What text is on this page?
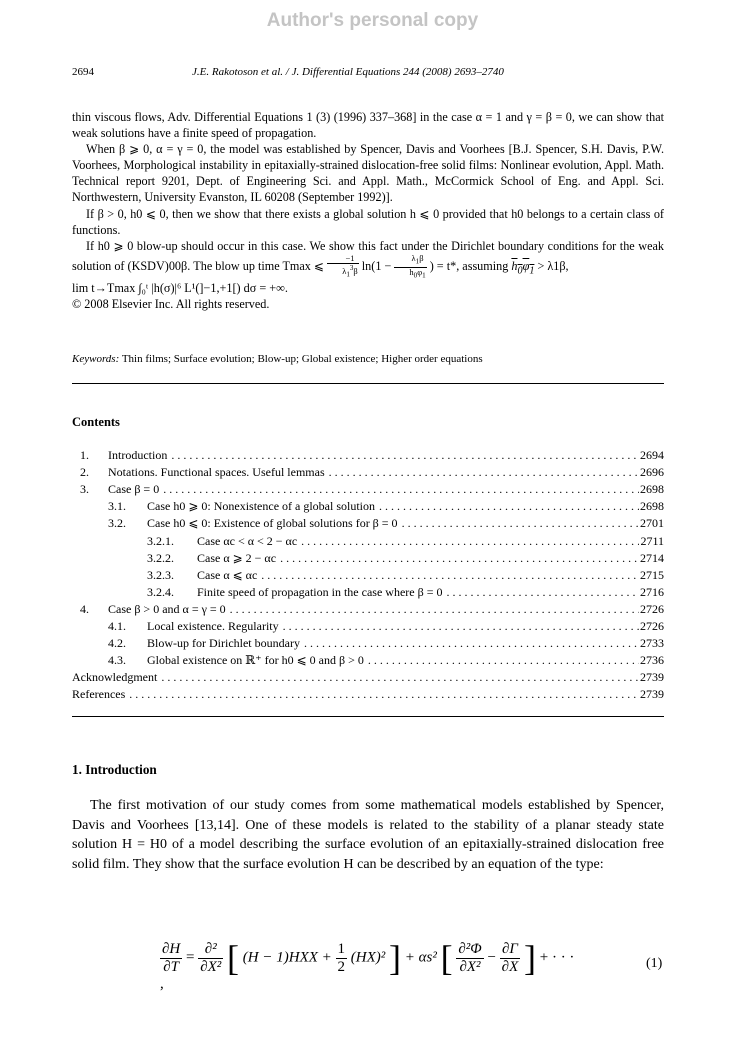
Author's personal copy
2694	J.E. Rakotoson et al. / J. Differential Equations 244 (2008) 2693–2740

thin viscous flows, Adv. Differential Equations 1 (3) (1996) 337–368] in the case α = 1 and γ = β = 0, we can show that weak solutions have a finite speed of propagation.

When β ⩾ 0, α = γ = 0, the model was established by Spencer, Davis and Voorhees [B.J. Spencer, S.H. Davis, P.W. Voorhees, Morphological instability in epitaxially-strained dislocation-free solid films: Nonlinear evolution, Appl. Math. Technical report 9201, Dept. of Engineering Sci. and Appl. Math., McCormick School of Eng. and Appl. Sci. Northwestern, University Evanston, IL 60208 (September 1992)].

If β > 0, h0 ⩽ 0, then we show that there exists a global solution h ⩽ 0 provided that h0 belongs to a certain class of functions.

If h0 ⩾ 0 blow-up should occur in this case. We show this fact under the Dirichlet boundary conditions for the weak solution of (KSDV)00β. The blow up time Tmax ⩽ $\frac{-1}{\lambda_1^3\beta} \ln(1 - \frac{\lambda_1\beta}{h_0\varphi_1}$ ) = t*, assuming $h_0\varphi_1 > \lambda 1\beta$,
lim t→Tmax ∫₀ᵗ |h(σ)|⁶ L¹(]−1,+1[) dσ = +∞.

© 2008 Elsevier Inc. All rights reserved.

Keywords: Thin films; Surface evolution; Blow-up; Global existence; Higher order equations
Contents
1. Introduction . . .	2694
2. Notations. Functional spaces. Useful lemmas . . .	2696
3. Case β = 0 . . .	2698
3.1. Case h0 ⩾ 0: Nonexistence of a global solution . . .	2698
3.2. Case h0 ⩽ 0: Existence of global solutions for β = 0 . . .	2701
3.2.1. Case αc < α < 2 − αc . . .	2711
3.2.2. Case α ⩾ 2 − αc . . .	2714
3.2.3. Case α ⩽ αc . . .	2715
3.2.4. Finite speed of propagation in the case where β = 0 . . .	2716
4. Case β > 0 and α = γ = 0 . . .	2726
4.1. Local existence. Regularity . . .	2726
4.2. Blow-up for Dirichlet boundary . . .	2733
4.3. Global existence on ℝ⁺ for h0 ⩽ 0 and β > 0 . . .	2736
Acknowledgment . . .	2739
References . . .	2739
1. Introduction

The first motivation of our study comes from some mathematical models established by Spencer, Davis and Voorhees [13,14]. One of these models is related to the stability of a planar steady state solution H = H0 of a model describing the surface evolution of an epitaxially-strained dislocation free solid film. They show that the surface evolution H can be described by an equation of the type:

$\frac{\partial H}{\partial T} = \frac{\text{∂²}}{\text{∂X²}}$ [ $(H - 1)HXX + \frac{1}{2} (HX)^2$ ] + αs² [ $\frac{\text{∂²Φ}}{\text{∂X²}} - \frac{\partial\Gamma}{\partial X}$ ] + · · · ,
(1)
